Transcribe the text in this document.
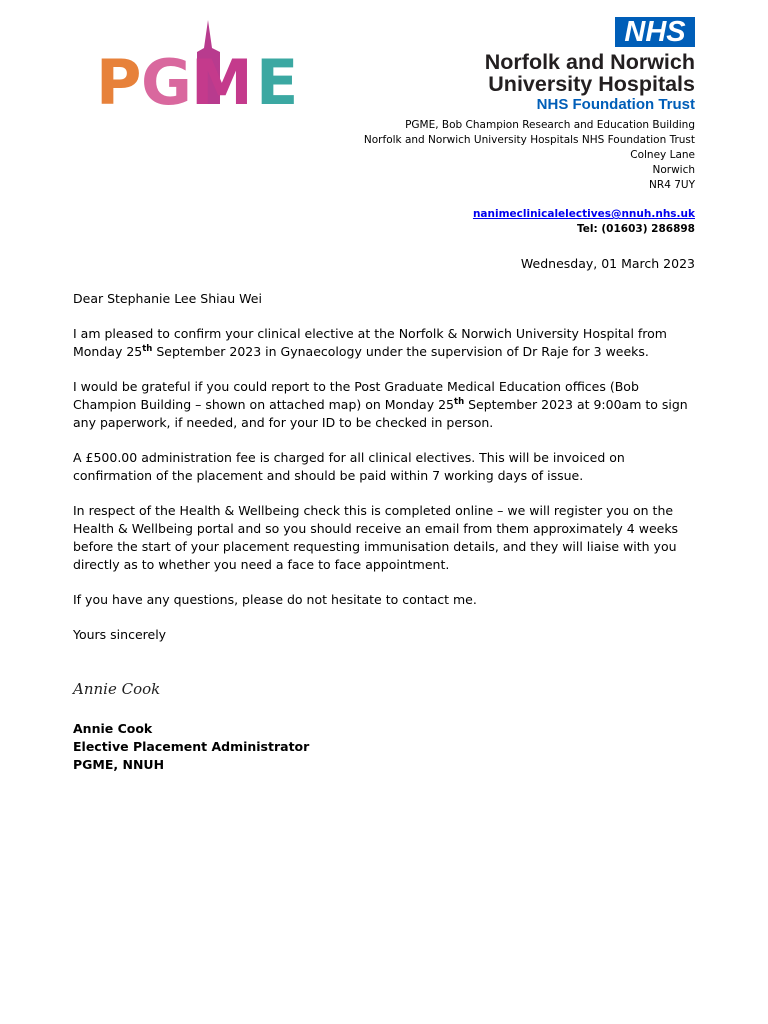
P G M E
NHS
Norfolk and Norwich
University Hospitals
NHS Foundation Trust
PGME, Bob Champion Research and Education Building
Norfolk and Norwich University Hospitals NHS Foundation Trust
Colney Lane
Norwich
NR4 7UY
nanimeclinicalelectives@nnuh.nhs.uk
Tel: (01603) 286898
Wednesday, 01 March 2023

Dear Stephanie Lee Shiau Wei

I am pleased to confirm your clinical elective at the Norfolk & Norwich University Hospital from Monday 25th September 2023 in Gynaecology under the supervision of Dr Raje for 3 weeks.

I would be grateful if you could report to the Post Graduate Medical Education offices (Bob Champion Building – shown on attached map) on Monday 25th September 2023 at 9:00am to sign any paperwork, if needed, and for your ID to be checked in person.

A £500.00 administration fee is charged for all clinical electives. This will be invoiced on confirmation of the placement and should be paid within 7 working days of issue.

In respect of the Health & Wellbeing check this is completed online – we will register you on the Health & Wellbeing portal and so you should receive an email from them approximately 4 weeks before the start of your placement requesting immunisation details, and they will liaise with you directly as to whether you need a face to face appointment.

If you have any questions, please do not hesitate to contact me.

Yours sincerely

Annie Cook
Annie Cook
Elective Placement Administrator
PGME, NNUH
